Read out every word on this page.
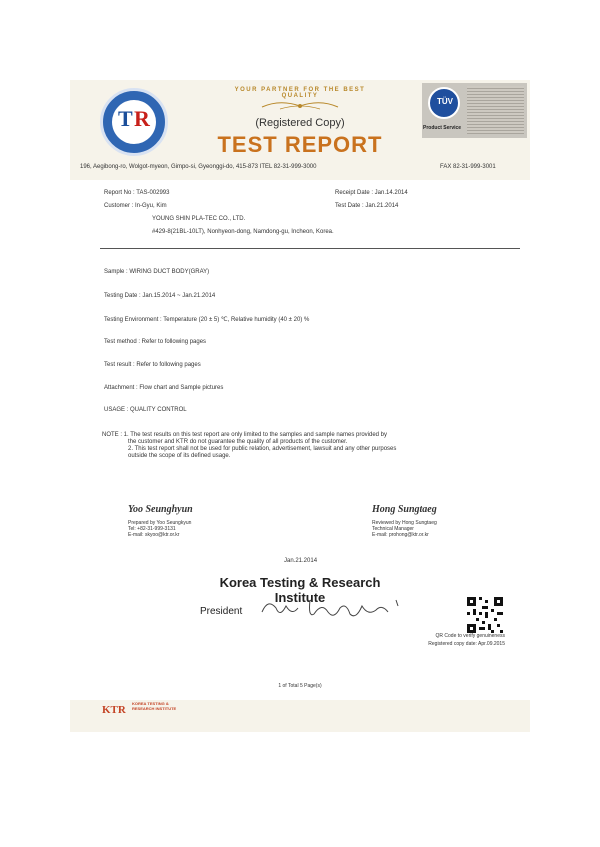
T R
YOUR PARTNER FOR THE BEST QUALITY
(Registered Copy)
TEST REPORT
TÜV
Product Service
196, Aegibong-ro, Wolgot-myeon, Gimpo-si, Gyeonggi-do, 415-873 ITEL 82-31-999-3000	FAX 82-31-999-3001
Report No : TAS-002993
Customer : In-Gyu, Kim
YOUNG SHIN PLA-TEC CO., LTD.
#429-8(21BL-10LT), Nonhyeon-dong, Namdong-gu, Incheon, Korea.
Receipt Date : Jan.14.2014
Test Date : Jan.21.2014
Sample : WIRING DUCT BODY(GRAY)
Testing Date : Jan.15.2014 ~ Jan.21.2014
Testing Environment : Temperature (20 ± 5) ℃, Relative humidity (40 ± 20) %
Test method : Refer to following pages
Test result : Refer to following pages
Attachment : Flow chart and Sample pictures
USAGE : QUALITY CONTROL
NOTE : 1. The test results on this test report are only limited to the samples and sample names provided by
the customer and KTR do not guarantee the quality of all products of the customer.
2. This test report shall not be used for public relation, advertisement, lawsuit and any other purposes
outside the scope of its defined usage.
Yoo Seunghyun
Prepared by Yoo Seungkyun
Tel: +82-31-999-3131
E-mail: skyoo@ktr.or.kr
Hong Sungtaeg
Reviewed by Hong Sungtaeg
Technical Manager
E-mail: prohong@ktr.or.kr
Jan.21.2014
Korea Testing & Research Institute
President
QR Code to verify genuineness
Registered copy date: Apr.09.2015
1 of Total 5 Page(s)
KTR
KOREA TESTING &
RESEARCH INSTITUTE
